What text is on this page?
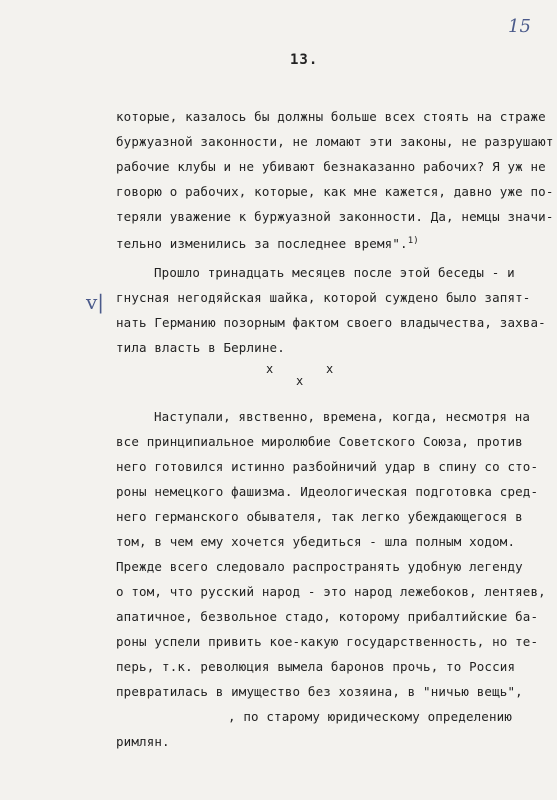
15
13.
v|
которые, казалось бы должны больше всех стоять на страже
буржуазной законности, не ломают эти законы, не разрушают
рабочие клубы и не убивают безнаказанно рабочих? Я уж не
говорю о рабочих, которые, как мне кажется, давно уже по-
теряли уважение к буржуазной законности. Да, немцы значи-
тельно изменились за последнее время".$^{1)}$
Прошло тринадцать месяцев после этой беседы - и
гнусная негодяйская шайка, которой суждено было запят-
нать Германию позорным фактом своего владычества, захва-
тила власть в Берлине.
x
x
x
Наступали, явственно, времена, когда, несмотря на
все принципиальное миролюбие Советского Союза, против
него готовился истинно разбойничий удар в спину со сто-
роны немецкого фашизма. Идеологическая подготовка сред-
него германского обывателя, так легко убеждающегося в
том, в чем ему хочется убедиться - шла полным ходом.
Прежде всего следовало распространять удобную легенду
о том, что русский народ - это народ лежебоков, лентяев,
апатичное, безвольное стадо, которому прибалтийские ба-
роны успели привить кое-какую государственность, но те-
перь, т.к. революция вымела баронов прочь, то Россия
превратилась в имущество без хозяина, в "ничью вещь",
, по старому юридическому определению
римлян.
